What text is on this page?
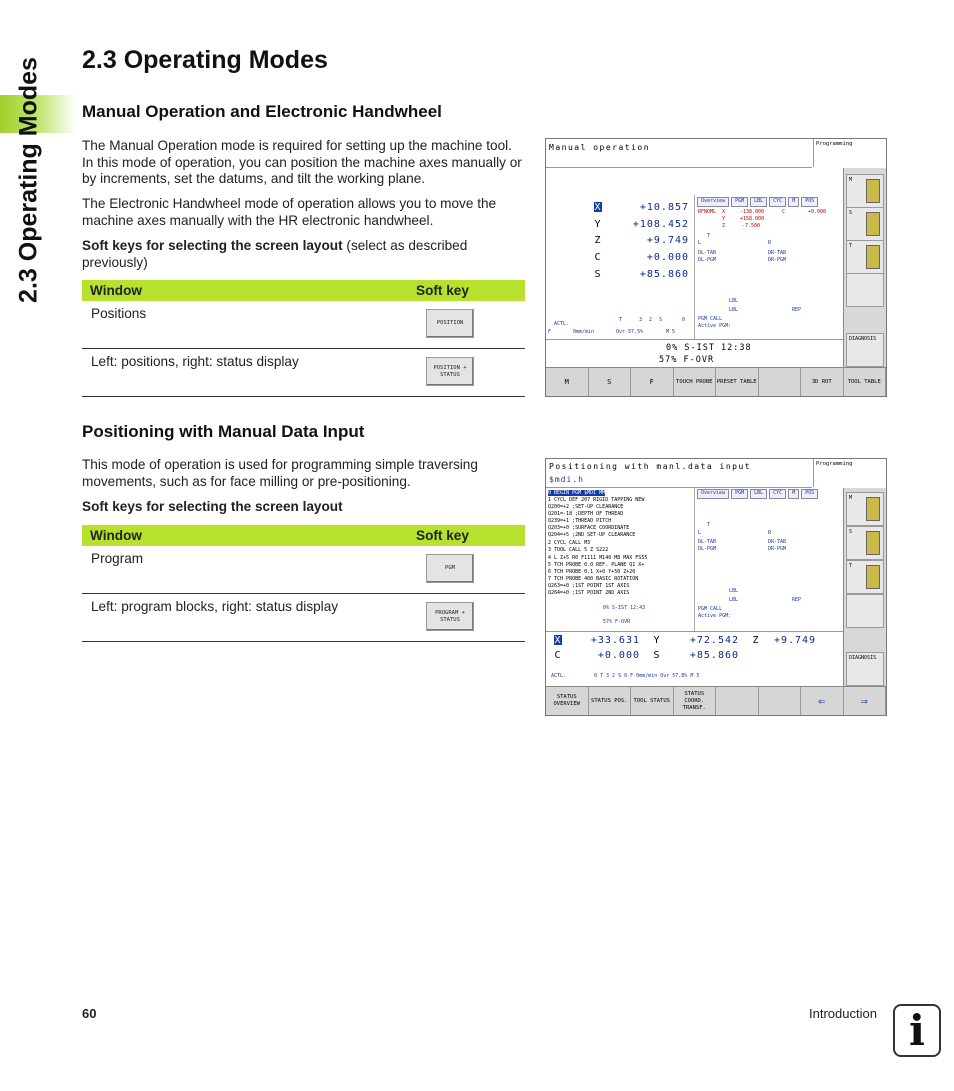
2.3 Operating Modes 2.3 Operating Modes
Manual Operation and Electronic Handwheel
The Manual Operation mode is required for setting up the machine tool. In this mode of operation, you can position the machine axes manually or by increments, set the datums, and tilt the working plane.
The Electronic Handwheel mode of operation allows you to move the machine axes manually with the HR electronic handwheel.
Soft keys for selecting the screen layout (select as described previously)
Window	Soft key
Positions	POSITION

Left: positions, right: status display	POSITION + STATUS
Positioning with Manual Data Input
This mode of operation is used for programming simple traversing movements, such as for face milling or pre-positioning.
Soft keys for selecting the screen layout
Window	Soft key
Program	PGM

Left: program blocks, right: status display	PROGRAM + STATUS
Manual operation	Programming
X	+10.857
Y	+108.452
Z	+9.749
C	+0.000
S	+85.860
Overview	PGM	LBL	CYC	M	POS
RFNOML X	-138.000	C	+0.000
Y	+158.000
Z	-7.500
T
L	R
DL-TAB	DR-TAB
DL-PGM	DR-PGM
LBL
LBL	REP
PGM CALL
Active PGM:
ACTL.
T	3 2 S	0
F	0mm/min	Ovr 57.5%	M 5
0% S-IST 12:38
57% F-OVR
M
S
T
DIAGNOSIS
M	S	F	TOUCH PROBE PRESET TABLE	3D ROT	TOOL TABLE
Positioning with manl.data input
$mdi.h
Programming
0 BEGIN PGM $MDI MM
1 CYCL DEF 207 RIGID TAPPING NEW
Q200=+2 ;SET-UP CLEARANCE
Q201=-18 ;DEPTH OF THREAD
Q239=+1 ;THREAD PITCH
Q203=+0 ;SURFACE COORDINATE
Q204=+5 ;2ND SET-UP CLEARANCE
2 CYCL CALL M3
3 TOOL CALL 5 Z S222
4 L Z+5 R0 F1111 M140 M8 MAX FS55
5 TCH PROBE 0.0 REF. PLANE Q1 X+
6 TCH PROBE 0.1 X+0 Y+50 Z+20
7 TCH PROBE 400 BASIC ROTATION
Q263=+0 ;1ST POINT 1ST AXIS
Q264=+0 ;1ST POINT 2ND AXIS
Overview	PGM	LBL	CYC	M	POS
T
L	R
DL-TAB	DR-TAB
DL-PGM	DR-PGM
LBL
LBL	REP
PGM CALL
Active PGM:
0% S-IST 12:43
57% F-OVR
X	+33.631 Y	+72.542 Z +9.749
C	+0.000 S	+85.860
ACTL.	0 T 3 2 S 0 F 0mm/min Ovr 57.8% M 5
M
S
T
DIAGNOSIS
STATUS OVERVIEW
STATUS POS.	TOOL STATUS
STATUS COORD. TRANSF.	⇐	⇒
60	Introduction i
